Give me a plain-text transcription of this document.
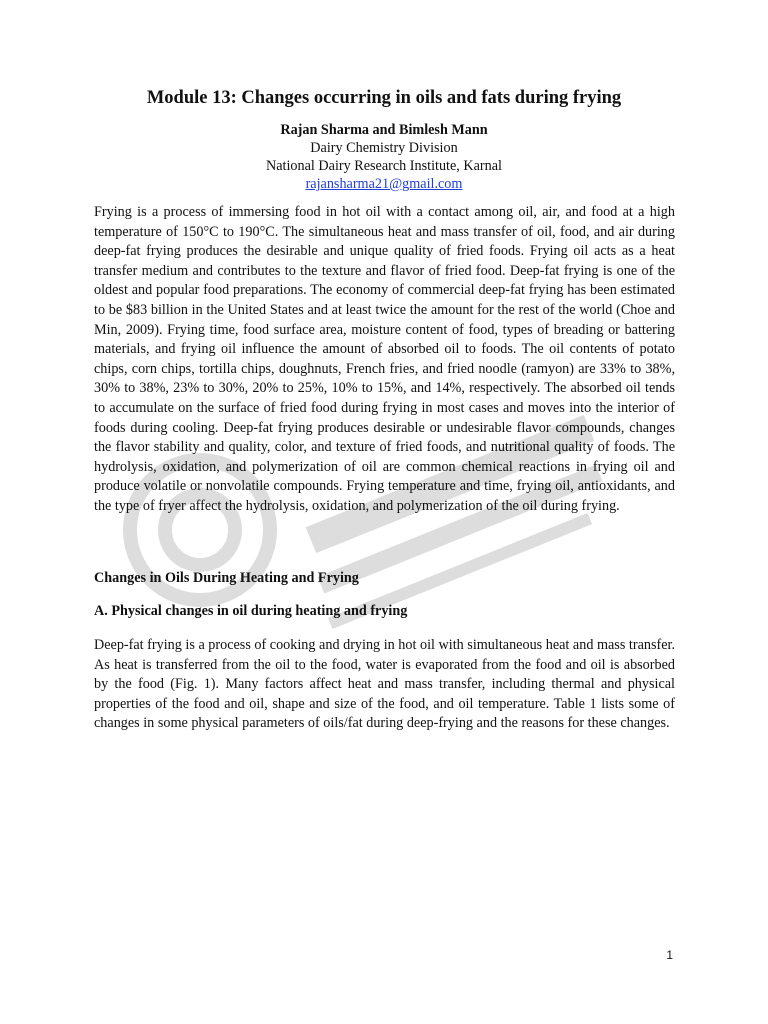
Module 13: Changes occurring in oils and fats during frying
Rajan Sharma and Bimlesh Mann
Dairy Chemistry Division
National Dairy Research Institute, Karnal
rajansharma21@gmail.com

Frying is a process of immersing food in hot oil with a contact among oil, air, and food at a high temperature of 150°C to 190°C. The simultaneous heat and mass transfer of oil, food, and air during deep-fat frying produces the desirable and unique quality of fried foods. Frying oil acts as a heat transfer medium and contributes to the texture and flavor of fried food. Deep-fat frying is one of the oldest and popular food preparations. The economy of commercial deep-fat frying has been estimated to be $83 billion in the United States and at least twice the amount for the rest of the world (Choe and Min, 2009). Frying time, food surface area, moisture content of food, types of breading or battering materials, and frying oil influence the amount of absorbed oil to foods. The oil contents of potato chips, corn chips, tortilla chips, doughnuts, French fries, and fried noodle (ramyon) are 33% to 38%, 30% to 38%, 23% to 30%, 20% to 25%, 10% to 15%, and 14%, respectively. The absorbed oil tends to accumulate on the surface of fried food during frying in most cases and moves into the interior of foods during cooling. Deep-fat frying produces desirable or undesirable flavor compounds, changes the flavor stability and quality, color, and texture of fried foods, and nutritional quality of foods. The hydrolysis, oxidation, and polymerization of oil are common chemical reactions in frying oil and produce volatile or nonvolatile compounds. Frying temperature and time, frying oil, antioxidants, and the type of fryer affect the hydrolysis, oxidation, and polymerization of the oil during frying.

Changes in Oils During Heating and Frying
A. Physical changes in oil during heating and frying

Deep-fat frying is a process of cooking and drying in hot oil with simultaneous heat and mass transfer. As heat is transferred from the oil to the food, water is evaporated from the food and oil is absorbed by the food (Fig. 1). Many factors affect heat and mass transfer, including thermal and physical properties of the food and oil, shape and size of the food, and oil temperature. Table 1 lists some of changes in some physical parameters of oils/fat during deep-frying and the reasons for these changes.

1
